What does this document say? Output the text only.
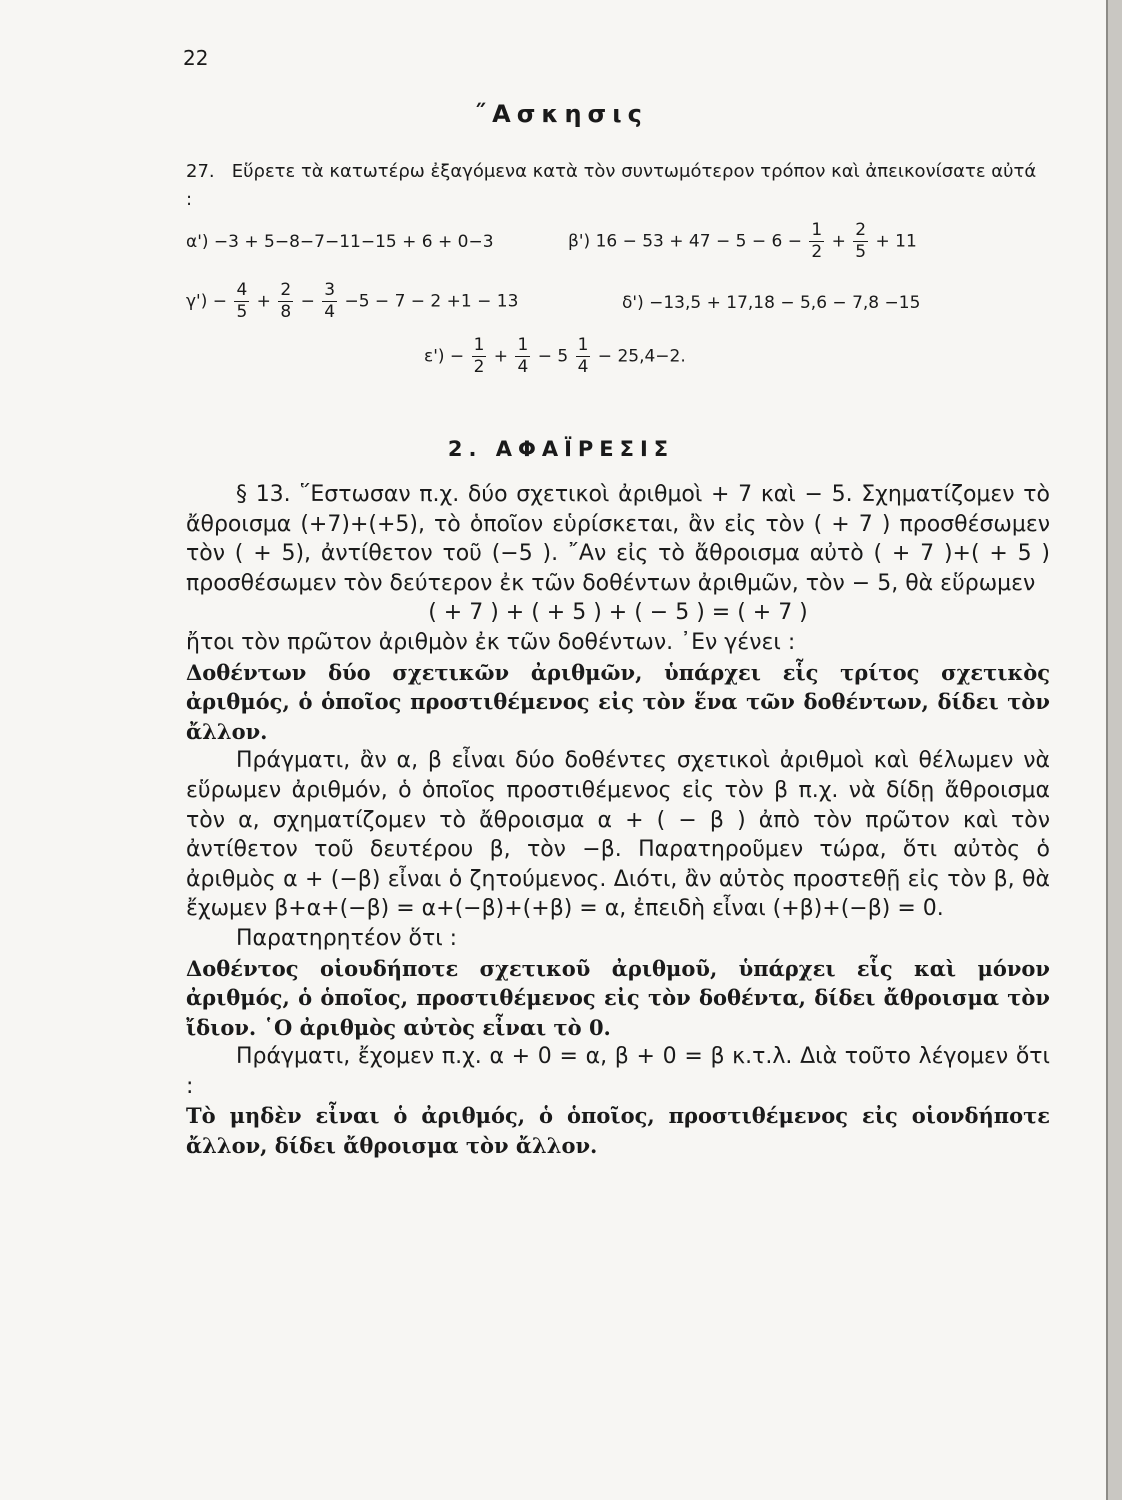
22
˝Ασκησις
27. Εὕρετε τὰ κατωτέρω ἐξαγόμενα κατὰ τὸν συντωμότερον τρόπον καὶ ἀπεικονίσατε αὐτά :
α') −3 + 5−8−7−11−15 + 6 + 0−3	β') $16 - 53 + 47 - 5 - 6 - \frac{1}{2} + \frac{2}{5} + 11$
$\gamma') - \frac{4}{5} + \frac{2}{8} - \frac{3}{4} -5 - 7 - 2 +1 - 13$	δ') −13,5 + 17,18 − 5,6 − 7,8 −15
$\varepsilon') - \frac{1}{2} + \frac{1}{4} - 5 \frac{1}{4} - 25,4-2$.
2. ΑΦΑΪΡΕΣΙΣ

§ 13. ῞Εστωσαν π.χ. δύο σχετικοὶ ἀριθμοὶ + 7 καὶ − 5. Σχηματίζομεν τὸ ἄθροισμα (+7)+(+5), τὸ ὁποῖον εὑρίσκεται, ἂν εἰς τὸν ( + 7 ) προσθέσωμεν τὸν ( + 5), ἀντίθετον τοῦ (−5 ). ῎Αν εἰς τὸ ἄθροισμα αὐτὸ ( + 7 )+( + 5 ) προσθέσωμεν τὸν δεύτερον ἐκ τῶν δοθέντων ἀριθμῶν, τὸν − 5, θὰ εὕρωμεν

( + 7 ) + ( + 5 ) + ( − 5 ) = ( + 7 )

ἤτοι τὸν πρῶτον ἀριθμὸν ἐκ τῶν δοθέντων. ᾿Εν γένει :

Δοθέντων δύο σχετικῶν ἀριθμῶν, ὑπάρχει εἷς τρίτος σχετικὸς ἀριθμός, ὁ ὁποῖος προστιθέμενος εἰς τὸν ἕνα τῶν δοθέντων, δίδει τὸν ἄλλον.

Πράγματι, ἂν α, β εἶναι δύο δοθέντες σχετικοὶ ἀριθμοὶ καὶ θέλωμεν νὰ εὕρωμεν ἀριθμόν, ὁ ὁποῖος προστιθέμενος εἰς τὸν β π.χ. νὰ δίδῃ ἄθροισμα τὸν α, σχηματίζομεν τὸ ἄθροισμα α + ( − β ) ἀπὸ τὸν πρῶτον καὶ τὸν ἀντίθετον τοῦ δευτέρου β, τὸν −β. Παρατηροῦμεν τώρα, ὅτι αὐτὸς ὁ ἀριθμὸς α + (−β) εἶναι ὁ ζητούμενος. Διότι, ἂν αὐτὸς προστεθῇ εἰς τὸν β, θὰ ἔχωμεν β+α+(−β) = α+(−β)+(+β) = α, ἐπειδὴ εἶναι (+β)+(−β) = 0.

Παρατηρητέον ὅτι :

Δοθέντος οἱουδήποτε σχετικοῦ ἀριθμοῦ, ὑπάρχει εἷς καὶ μόνον ἀριθμός, ὁ ὁποῖος, προστιθέμενος εἰς τὸν δοθέντα, δίδει ἄθροισμα τὸν ἴδιον. ῾Ο ἀριθμὸς αὐτὸς εἶναι τὸ 0.

Πράγματι, ἔχομεν π.χ. α + 0 = α, β + 0 = β κ.τ.λ. Διὰ τοῦτο λέγομεν ὅτι :

Τὸ μηδὲν εἶναι ὁ ἀριθμός, ὁ ὁποῖος, προστιθέμενος εἰς οἱονδήποτε ἄλλον, δίδει ἄθροισμα τὸν ἄλλον.
